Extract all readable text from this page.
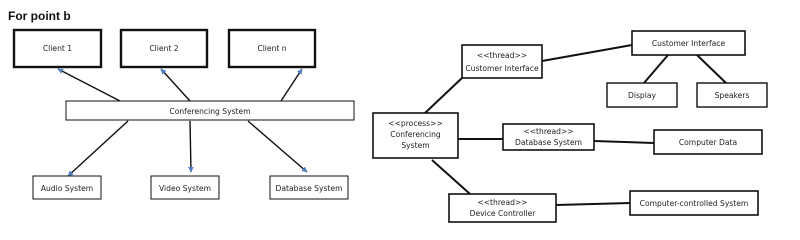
For point b
Client 1	Client 2	Client n
Conferencing System
Audio System	Video System	Database System
<<process>>
Conferencing
System
<<thread>>
Customer Interface
Customer Interface
Display	Speakers
<<thread>>
Database System	Computer Data
<<thread>>
Device Controller
Computer-controlled System
